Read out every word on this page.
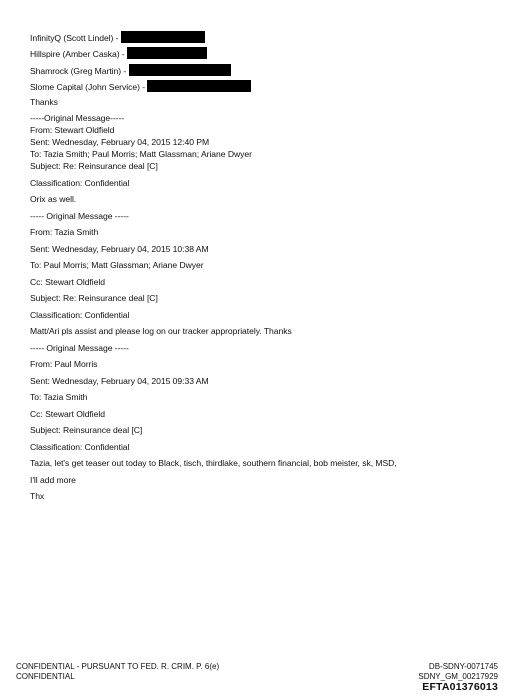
InfinityQ (Scott Lindel) -
Hillspire (Amber Caska) -
Shamrock (Greg Martin) -
Slome Capital (John Service) -
Thanks
-----Original Message-----
From: Stewart Oldfield
Sent: Wednesday, February 04, 2015 12:40 PM
To: Tazia Smith; Paul Morris; Matt Glassman; Ariane Dwyer
Subject: Re: Reinsurance deal [C]
Classification: Confidential
Orix as well.
----- Original Message -----
From: Tazia Smith
Sent: Wednesday, February 04, 2015 10:38 AM
To: Paul Morris; Matt Glassman; Ariane Dwyer
Cc: Stewart Oldfield
Subject: Re: Reinsurance deal [C]
Classification: Confidential
Matt/Ari pls assist and please log on our tracker appropriately. Thanks
----- Original Message -----
From: Paul Morris
Sent: Wednesday, February 04, 2015 09:33 AM
To: Tazia Smith
Cc: Stewart Oldfield
Subject: Reinsurance deal [C]
Classification: Confidential
Tazia, let's get teaser out today to Black, tisch, thirdlake, southern financial, bob meister, sk, MSD,
I'll add more
Thx
CONFIDENTIAL - PURSUANT TO FED. R. CRIM. P. 6(e)
CONFIDENTIAL
DB-SDNY-0071745
SDNY_GM_00217929
EFTA01376013
